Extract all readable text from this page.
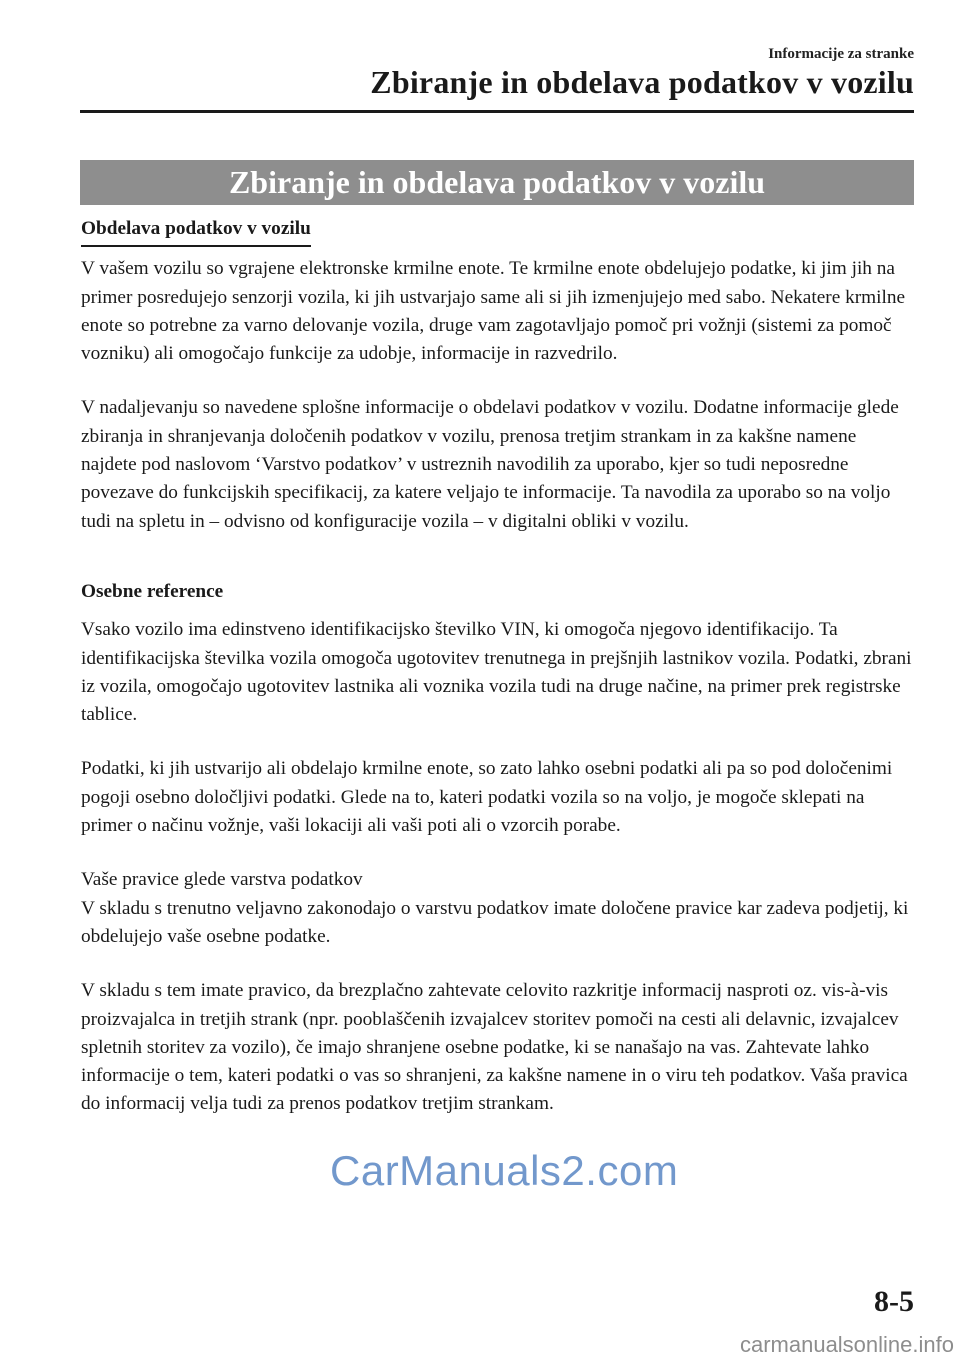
Informacije za stranke
Zbiranje in obdelava podatkov v vozilu
Zbiranje in obdelava podatkov v vozilu
Obdelava podatkov v vozilu

V vašem vozilu so vgrajene elektronske krmilne enote. Te krmilne enote obdelujejo podatke, ki jim jih na primer posredujejo senzorji vozila, ki jih ustvarjajo same ali si jih izmenjujejo med sabo. Nekatere krmilne enote so potrebne za varno delovanje vozila, druge vam zagotavljajo pomoč pri vožnji (sistemi za pomoč vozniku) ali omogočajo funkcije za udobje, informacije in razvedrilo.

V nadaljevanju so navedene splošne informacije o obdelavi podatkov v vozilu. Dodatne informacije glede zbiranja in shranjevanja določenih podatkov v vozilu, prenosa tretjim strankam in za kakšne namene najdete pod naslovom ‘Varstvo podatkov’ v ustreznih navodilih za uporabo, kjer so tudi neposredne povezave do funkcijskih specifikacij, za katere veljajo te informacije. Ta navodila za uporabo so na voljo tudi na spletu in – odvisno od konfiguracije vozila – v digitalni obliki v vozilu.

Osebne reference

Vsako vozilo ima edinstveno identifikacijsko številko VIN, ki omogoča njegovo identifikacijo. Ta identifikacijska številka vozila omogoča ugotovitev trenutnega in prejšnjih lastnikov vozila. Podatki, zbrani iz vozila, omogočajo ugotovitev lastnika ali voznika vozila tudi na druge načine, na primer prek registrske tablice.

Podatki, ki jih ustvarijo ali obdelajo krmilne enote, so zato lahko osebni podatki ali pa so pod določenimi pogoji osebno določljivi podatki. Glede na to, kateri podatki vozila so na voljo, je mogoče sklepati na primer o načinu vožnje, vaši lokaciji ali vaši poti ali o vzorcih porabe.

Vaše pravice glede varstva podatkov

V skladu s trenutno veljavno zakonodajo o varstvu podatkov imate določene pravice kar zadeva podjetij, ki obdelujejo vaše osebne podatke.

V skladu s tem imate pravico, da brezplačno zahtevate celovito razkritje informacij nasproti oz. vis-à-vis proizvajalca in tretjih strank (npr. pooblaščenih izvajalcev storitev pomoči na cesti ali delavnic, izvajalcev spletnih storitev za vozilo), če imajo shranjene osebne podatke, ki se nanašajo na vas. Zahtevate lahko informacije o tem, kateri podatki o vas so shranjeni, za kakšne namene in o viru teh podatkov. Vaša pravica do informacij velja tudi za prenos podatkov tretjim strankam.

CarManuals2.com
8-5
carmanualsonline.info
